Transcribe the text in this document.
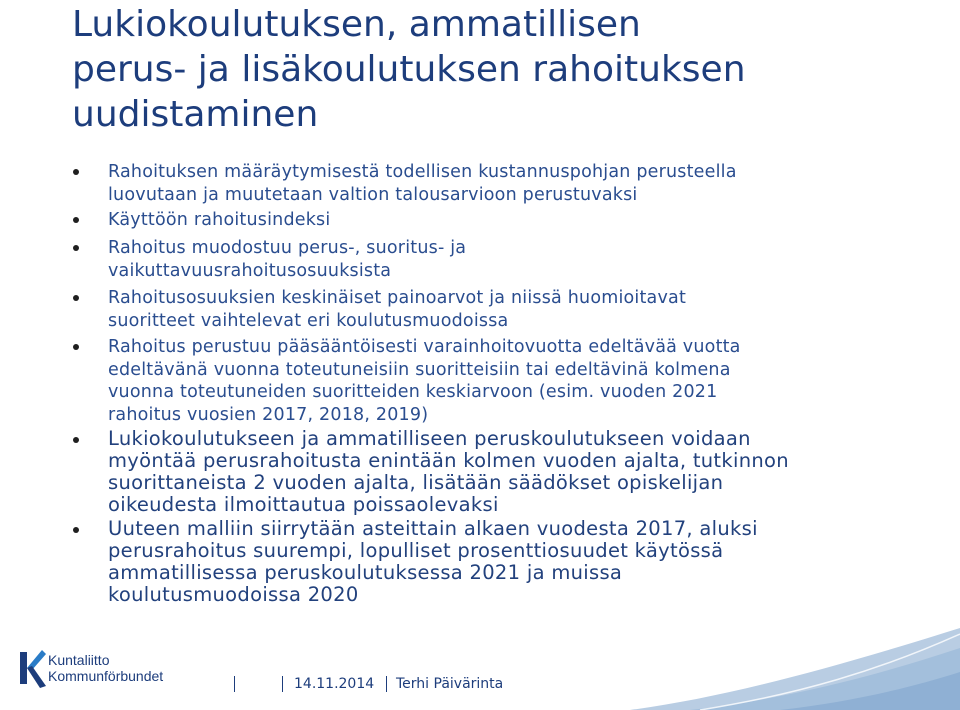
Lukiokoulutuksen, ammatillisen
perus- ja lisäkoulutuksen rahoituksen
uudistaminen

Rahoituksen määräytymisestä todellisen kustannuspohjan perusteella
luovutaan ja muutetaan valtion talousarvioon perustuvaksi

Käyttöön rahoitusindeksi

Rahoitus muodostuu perus-, suoritus- ja
vaikuttavuusrahoitusosuuksista

Rahoitusosuuksien keskinäiset painoarvot ja niissä huomioitavat
suoritteet vaihtelevat eri koulutusmuodoissa

Rahoitus perustuu pääsääntöisesti varainhoitovuotta edeltävää vuotta
edeltävänä vuonna toteutuneisiin suoritteisiin tai edeltävinä kolmena
vuonna toteutuneiden suoritteiden keskiarvoon (esim. vuoden 2021
rahoitus vuosien 2017, 2018, 2019)

Lukiokoulutukseen ja ammatilliseen peruskoulutukseen voidaan
myöntää perusrahoitusta enintään kolmen vuoden ajalta, tutkinnon
suorittaneista 2 vuoden ajalta, lisätään säädökset opiskelijan
oikeudesta ilmoittautua poissaolevaksi

Uuteen malliin siirrytään asteittain alkaen vuodesta 2017, aluksi
perusrahoitus suurempi, lopulliset prosenttiosuudet käytössä
ammatillisessa peruskoulutuksessa 2021 ja muissa
koulutusmuodoissa 2020

Kuntaliitto
Kommunförbundet	14.11.2014 Terhi Päivärinta
